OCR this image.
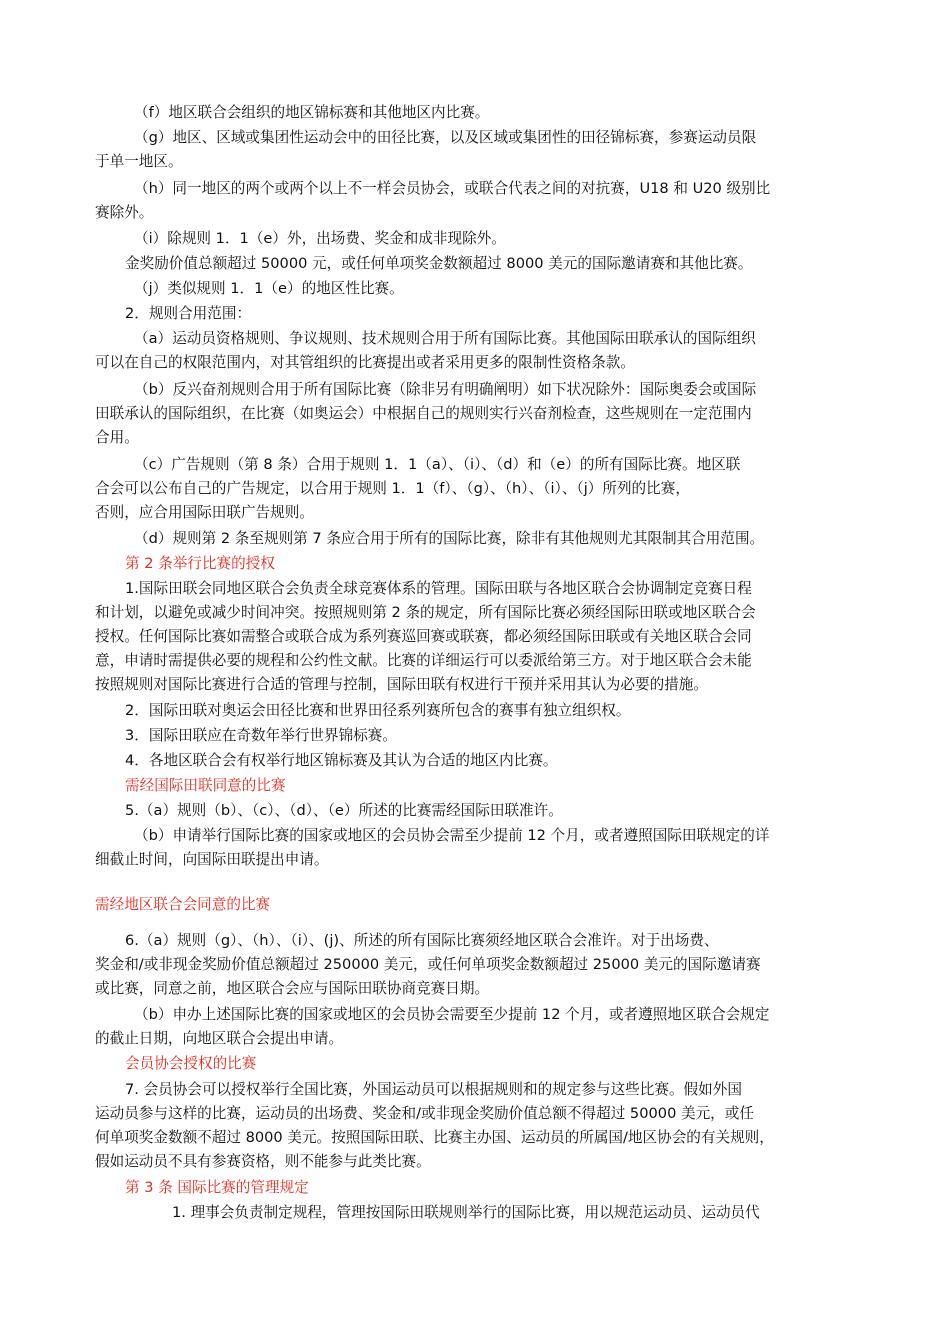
（f）地区联合会组织的地区锦标赛和其他地区内比赛。
（g）地区、区域或集团性运动会中的田径比赛，以及区域或集团性的田径锦标赛，参赛运动员限
于单一地区。
（h）同一地区的两个或两个以上不一样会员协会，或联合代表之间的对抗赛，U18 和 U20 级别比
赛除外。
（i）除规则 1．1（e）外，出场费、奖金和成非现除外。
金奖励价值总额超过 50000 元，或任何单项奖金数额超过 8000 美元的国际邀请赛和其他比赛。
（j）类似规则 1．1（e）的地区性比赛。
2．规则合用范围：
（a）运动员资格规则、争议规则、技术规则合用于所有国际比赛。其他国际田联承认的国际组织
可以在自己的权限范围内，对其管组织的比赛提出或者采用更多的限制性资格条款。
（b）反兴奋剂规则合用于所有国际比赛（除非另有明确阐明）如下状况除外：国际奥委会或国际
田联承认的国际组织，在比赛（如奥运会）中根据自己的规则实行兴奋剂检查，这些规则在一定范围内
合用。
（c）广告规则（第 8 条）合用于规则 1．1（a）、（i）、（d）和（e）的所有国际比赛。地区联
合会可以公布自己的广告规定，以合用于规则 1．1（f）、（g）、（h）、（i）、（j）所列的比赛，
否则，应合用国际田联广告规则。
（d）规则第 2 条至规则第 7 条应合用于所有的国际比赛，除非有其他规则尤其限制其合用范围。
第 2 条举行比赛的授权
1.国际田联会同地区联合会负责全球竞赛体系的管理。国际田联与各地区联合会协调制定竞赛日程
和计划，以避免或减少时间冲突。按照规则第 2 条的规定，所有国际比赛必须经国际田联或地区联合会
授权。任何国际比赛如需整合或联合成为系列赛巡回赛或联赛，都必须经国际田联或有关地区联合会同
意，申请时需提供必要的规程和公约性文献。比赛的详细运行可以委派给第三方。对于地区联合会未能
按照规则对国际比赛进行合适的管理与控制，国际田联有权进行干预并采用其认为必要的措施。
2．国际田联对奥运会田径比赛和世界田径系列赛所包含的赛事有独立组织权。
3．国际田联应在奇数年举行世界锦标赛。
4．各地区联合会有权举行地区锦标赛及其认为合适的地区内比赛。
需经国际田联同意的比赛
5.（a）规则（b）、（c）、（d）、（e）所述的比赛需经国际田联准许。
（b）申请举行国际比赛的国家或地区的会员协会需至少提前 12 个月，或者遵照国际田联规定的详
细截止时间，向国际田联提出申请。
需经地区联合会同意的比赛
6.（a）规则（g）、（h）、（i）、(j)、所述的所有国际比赛须经地区联合会准许。对于出场费、
奖金和/或非现金奖励价值总额超过 250000 美元，或任何单项奖金数额超过 25000 美元的国际邀请赛
或比赛，同意之前，地区联合会应与国际田联协商竞赛日期。
（b）申办上述国际比赛的国家或地区的会员协会需要至少提前 12 个月，或者遵照地区联合会规定
的截止日期，向地区联合会提出申请。
会员协会授权的比赛
7. 会员协会可以授权举行全国比赛，外国运动员可以根据规则和的规定参与这些比赛。假如外国
运动员参与这样的比赛，运动员的出场费、奖金和/或非现金奖励价值总额不得超过 50000 美元，或任
何单项奖金数额不超过 8000 美元。按照国际田联、比赛主办国、运动员的所属国/地区协会的有关规则，
假如运动员不具有参赛资格，则不能参与此类比赛。
第 3 条 国际比赛的管理规定
1. 理事会负责制定规程，管理按国际田联规则举行的国际比赛，用以规范运动员、运动员代
